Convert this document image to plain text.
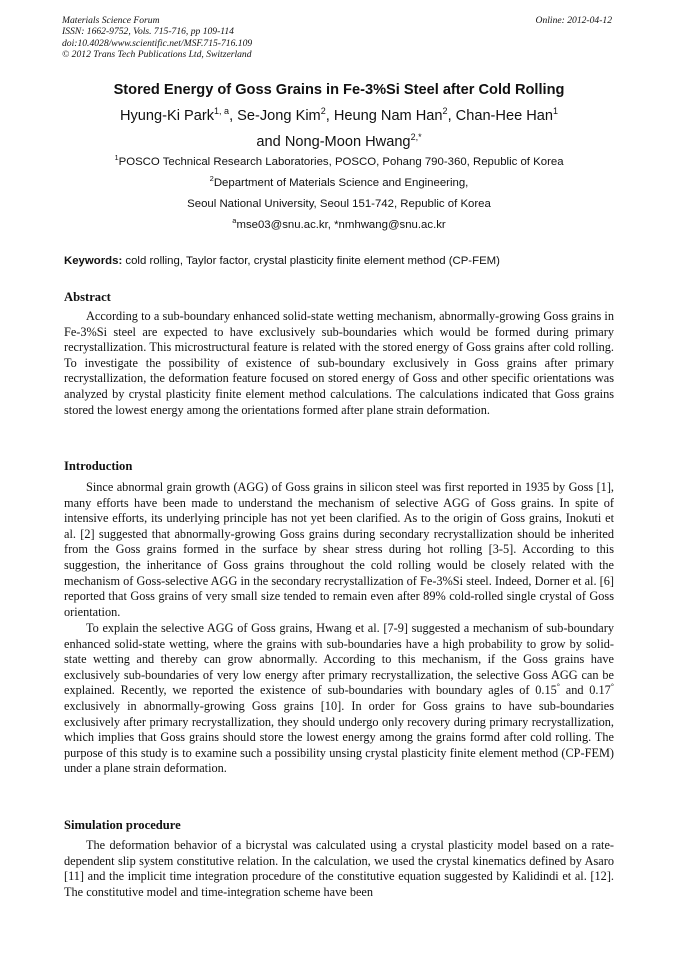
Materials Science Forum
ISSN: 1662-9752, Vols. 715-716, pp 109-114
doi:10.4028/www.scientific.net/MSF.715-716.109
© 2012 Trans Tech Publications Ltd, Switzerland
Online: 2012-04-12
Stored Energy of Goss Grains in Fe-3%Si Steel after Cold Rolling
Hyung-Ki Park$^{1, a}$, Se-Jong Kim$^2$, Heung Nam Han$^2$, Chan-Hee Han$^1$
and Nong-Moon Hwang$^{2,*}$
$^1$POSCO Technical Research Laboratories, POSCO, Pohang 790-360, Republic of Korea
$^2$Department of Materials Science and Engineering,
Seoul National University, Seoul 151-742, Republic of Korea
$^a$mse03@snu.ac.kr, *nmhwang@snu.ac.kr
Keywords: cold rolling, Taylor factor, crystal plasticity finite element method (CP-FEM)
Abstract

According to a sub-boundary enhanced solid-state wetting mechanism, abnormally-growing Goss grains in Fe-3%Si steel are expected to have exclusively sub-boundaries which would be formed during primary recrystallization. This microstructural feature is related with the stored energy of Goss grains after cold rolling. To investigate the possibility of existence of sub-boundary exclusively in Goss grains after primary recrystallization, the deformation feature focused on stored energy of Goss and other specific orientations was analyzed by crystal plasticity finite element method calculations. The calculations indicated that Goss grains stored the lowest energy among the orientations formed after plane strain deformation.

Introduction

Since abnormal grain growth (AGG) of Goss grains in silicon steel was first reported in 1935 by Goss [1], many efforts have been made to understand the mechanism of selective AGG of Goss grains. In spite of intensive efforts, its underlying principle has not yet been clarified. As to the origin of Goss grains, Inokuti et al. [2] suggested that abnormally-growing Goss grains during secondary recrystallization should be inherited from the Goss grains formed in the surface by shear stress during hot rolling [3-5]. According to this suggestion, the inheritance of Goss grains throughout the cold rolling would be closely related with the mechanism of Goss-selective AGG in the secondary recrystallization of Fe-3%Si steel. Indeed, Dorner et al. [6] reported that Goss grains of very small size tended to remain even after 89% cold-rolled single crystal of Goss orientation.

To explain the selective AGG of Goss grains, Hwang et al. [7-9] suggested a mechanism of sub-boundary enhanced solid-state wetting, where the grains with sub-boundaries have a high probability to grow by solid-state wetting and thereby can grow abnormally. According to this mechanism, if the Goss grains have exclusively sub-boundaries of very low energy after primary recrystallization, the selective Goss AGG can be explained. Recently, we reported the existence of sub-boundaries with boundary agles of 0.15° and 0.17° exclusively in abnormally-growing Goss grains [10]. In order for Goss grains to have sub-boundaries exclusively after primary recrystallization, they should undergo only recovery during primary recrystallization, which implies that Goss grains should store the lowest energy among the grains formd after cold rolling. The purpose of this study is to examine such a possibility unsing crystal plasticity finite element method (CP-FEM) under a plane strain deformation.

Simulation procedure

The deformation behavior of a bicrystal was calculated using a crystal plasticity model based on a rate-dependent slip system constitutive relation. In the calculation, we used the crystal kinematics defined by Asaro [11] and the implicit time integration procedure of the constitutive equation suggested by Kalidindi et al. [12]. The constitutive model and time-integration scheme have been
